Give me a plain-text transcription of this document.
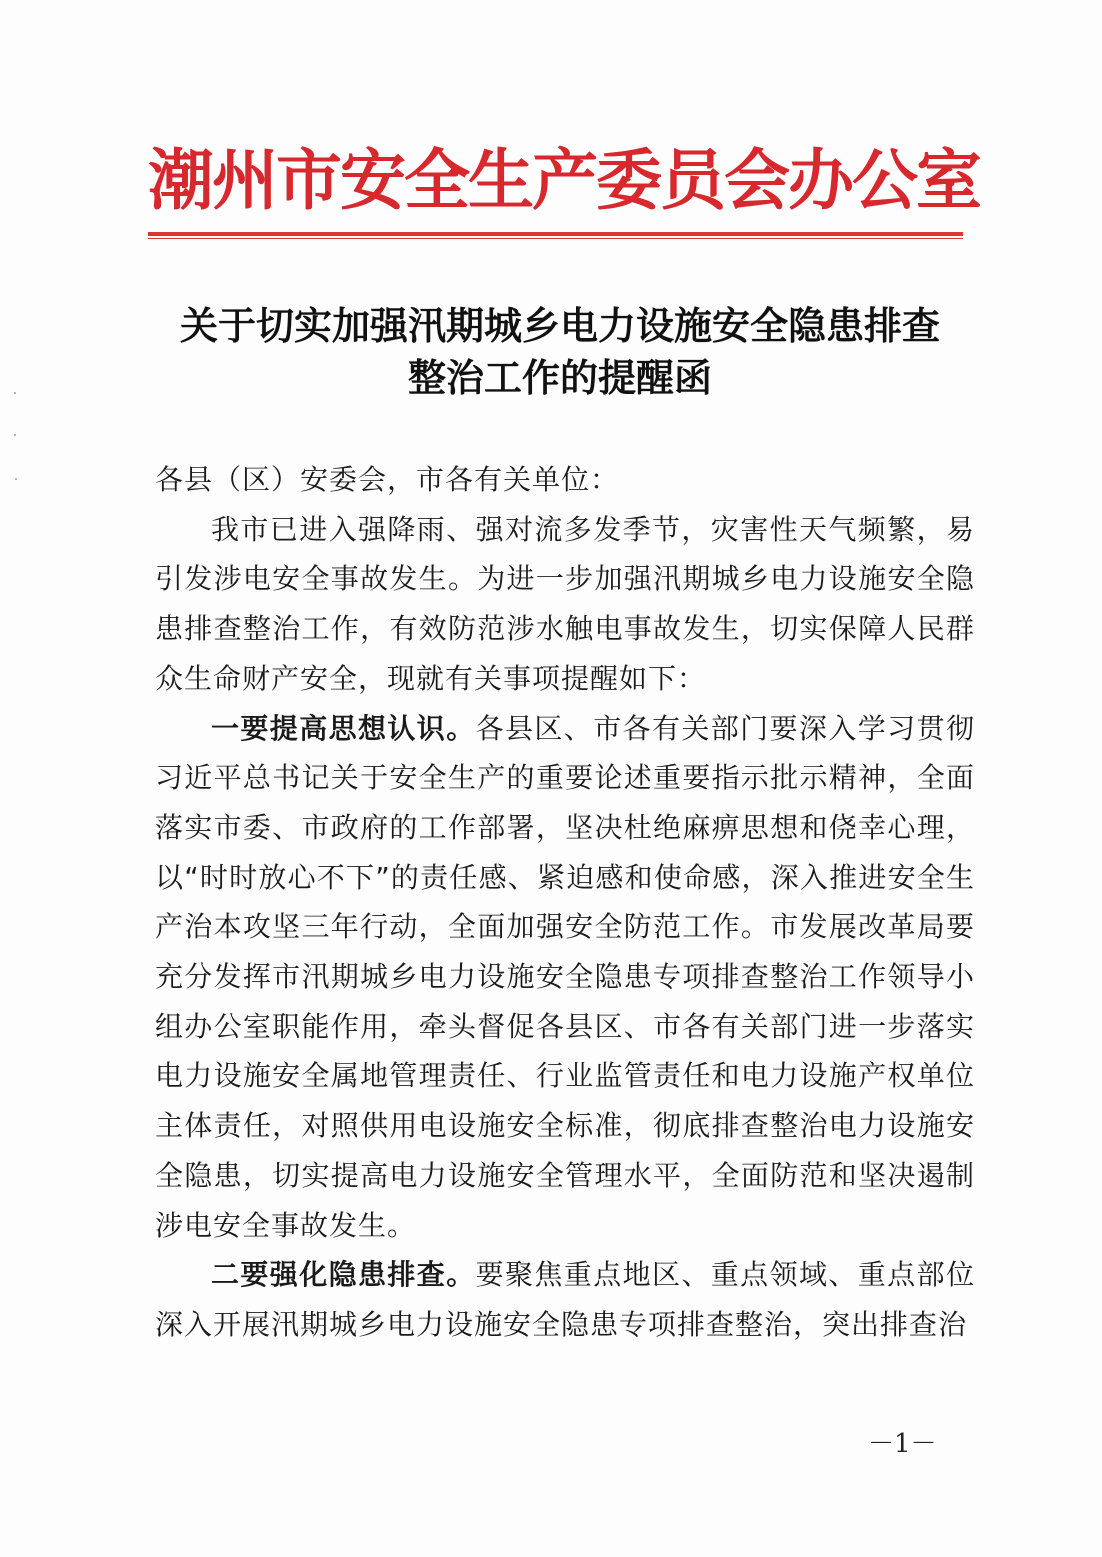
潮州市安全生产委员会办公室
关于切实加强汛期城乡电力设施安全隐患排查
整治工作的提醒函

各县（区）安委会，市各有关单位：

我市已进入强降雨、强对流多发季节，灾害性天气频繁，易引发涉电安全事故发生。为进一步加强汛期城乡电力设施安全隐患排查整治工作，有效防范涉水触电事故发生，切实保障人民群众生命财产安全，现就有关事项提醒如下：

一要提高思想认识。各县区、市各有关部门要深入学习贯彻习近平总书记关于安全生产的重要论述重要指示批示精神，全面落实市委、市政府的工作部署，坚决杜绝麻痹思想和侥幸心理，以“时时放心不下”的责任感、紧迫感和使命感，深入推进安全生产治本攻坚三年行动，全面加强安全防范工作。市发展改革局要充分发挥市汛期城乡电力设施安全隐患专项排查整治工作领导小组办公室职能作用，牵头督促各县区、市各有关部门进一步落实电力设施安全属地管理责任、行业监管责任和电力设施产权单位主体责任，对照供用电设施安全标准，彻底排查整治电力设施安全隐患，切实提高电力设施安全管理水平，全面防范和坚决遏制涉电安全事故发生。

二要强化隐患排查。要聚焦重点地区、重点领域、重点部位深入开展汛期城乡电力设施安全隐患专项排查整治，突出排查治

－1－
